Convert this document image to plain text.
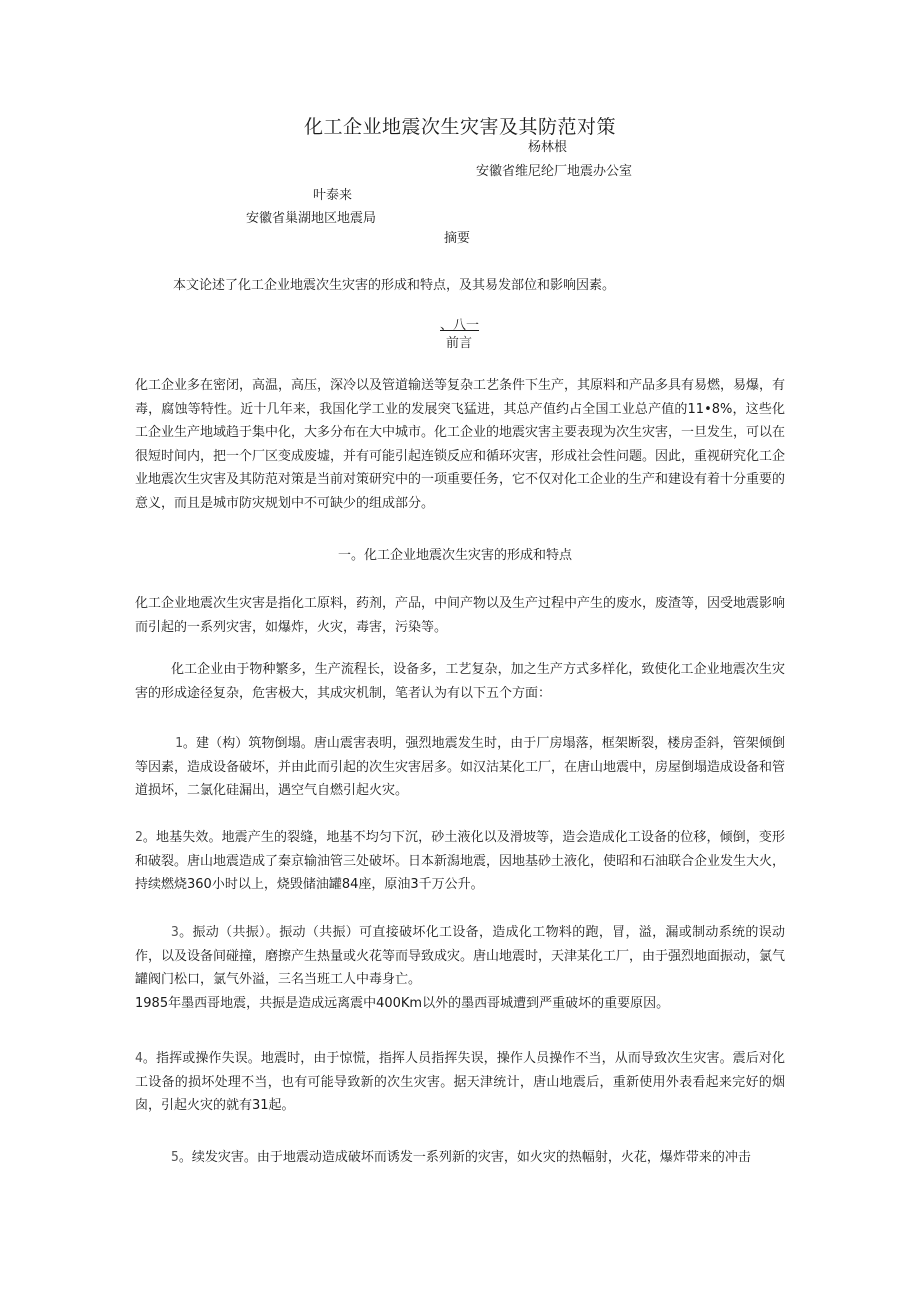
化工企业地震次生灾害及其防范对策
杨林根
安徽省维尼纶厂地震办公室
叶泰来
安徽省巢湖地区地震局
摘要
本文论述了化工企业地震次生灾害的形成和特点，及其易发部位和影响因素。
、八一
前言
化工企业多在密闭，高温，高压，深冷以及管道输送等复杂工艺条件下生产，其原料和产品多具有易燃，易爆，有毒，腐蚀等特性。近十几年来，我国化学工业的发展突飞猛进，其总产值约占全国工业总产值的11•8%，这些化工企业生产地域趋于集中化，大多分布在大中城市。化工企业的地震灾害主要表现为次生灾害，一旦发生，可以在很短时间内，把一个厂区变成废墟，并有可能引起连锁反应和循环灾害，形成社会性问题。因此，重视研究化工企业地震次生灾害及其防范对策是当前对策研究中的一项重要任务，它不仅对化工企业的生产和建设有着十分重要的意义，而且是城市防灾规划中不可缺少的组成部分。
一。化工企业地震次生灾害的形成和特点
化工企业地震次生灾害是指化工原料，药剂，产品，中间产物以及生产过程中产生的废水，废渣等，因受地震影响而引起的一系列灾害，如爆炸，火灾，毒害，污染等。
化工企业由于物种繁多，生产流程长，设备多，工艺复杂，加之生产方式多样化，致使化工企业地震次生灾害的形成途径复杂，危害极大，其成灾机制，笔者认为有以下五个方面：
1。建（构）筑物倒塌。唐山震害表明，强烈地震发生时，由于厂房塌落，框架断裂，楼房歪斜，管架倾倒等因素，造成设备破坏，并由此而引起的次生灾害居多。如汉沽某化工厂，在唐山地震中，房屋倒塌造成设备和管道损坏，二氯化硅漏出，遇空气自燃引起火灾。
2。地基失效。地震产生的裂缝，地基不均匀下沉，砂土液化以及滑坡等，造会造成化工设备的位移，倾倒，变形和破裂。唐山地震造成了秦京输油管三处破坏。日本新潟地震，因地基砂土液化，使昭和石油联合企业发生大火，持续燃烧360小时以上，烧毁储油罐84座，原油3千万公升。
3。振动（共振）。振动（共振）可直接破坏化工设备，造成化工物料的跑，冒，溢，漏或制动系统的误动作，以及设备间碰撞，磨擦产生热量或火花等而导致成灾。唐山地震时，天津某化工厂，由于强烈地面振动，氯气罐阀门松口，氯气外溢，三名当班工人中毒身亡。
1985年墨西哥地震，共振是造成远离震中400Km以外的墨西哥城遭到严重破坏的重要原因。
4。指挥或操作失误。地震时，由于惊慌，指挥人员指挥失误，操作人员操作不当，从而导致次生灾害。震后对化工设备的损坏处理不当，也有可能导致新的次生灾害。据天津统计，唐山地震后，重新使用外表看起来完好的烟囱，引起火灾的就有31起。
5。续发灾害。由于地震动造成破坏而诱发一系列新的灾害，如火灾的热幅射，火花，爆炸带来的冲击
